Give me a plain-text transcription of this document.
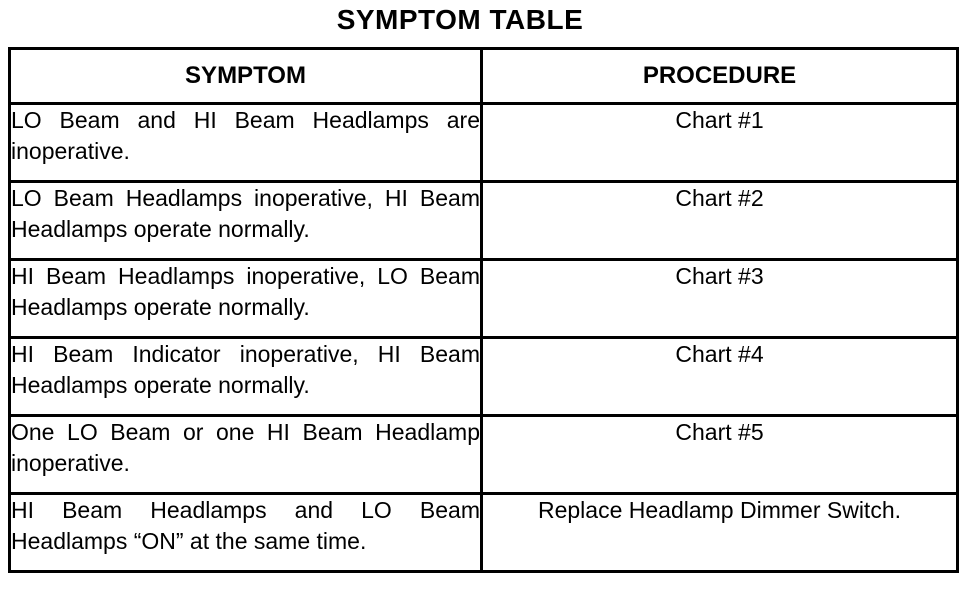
SYMPTOM TABLE
SYMPTOM	PROCEDURE
LO Beam and HI Beam Headlamps are inoperative.	Chart #1
LO Beam Headlamps inoperative, HI Beam Headlamps operate normally.	Chart #2
HI Beam Headlamps inoperative, LO Beam Headlamps operate normally.	Chart #3
HI Beam Indicator inoperative, HI Beam Headlamps operate normally.	Chart #4
One LO Beam or one HI Beam Headlamp inoperative.	Chart #5
HI Beam Headlamps and LO Beam Headlamps “ON” at the same time.	Replace Headlamp Dimmer Switch.
